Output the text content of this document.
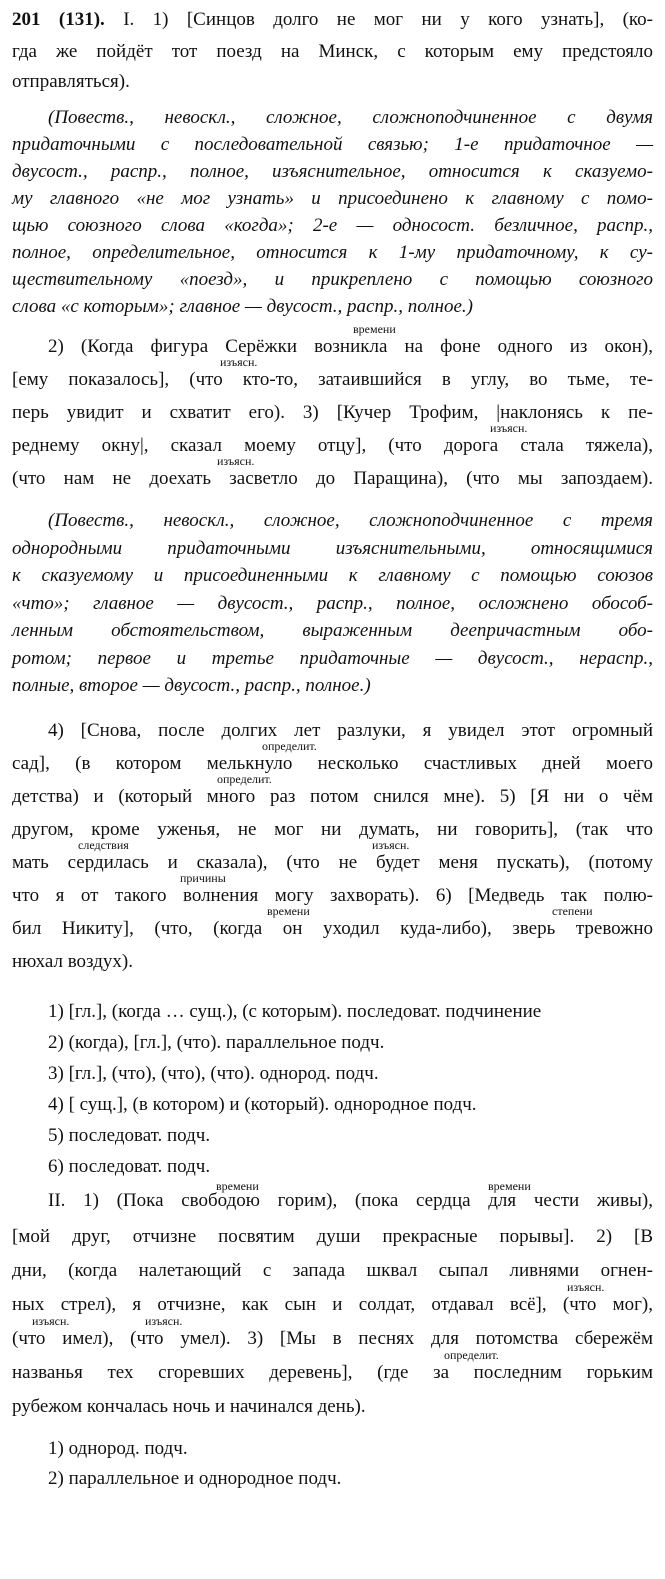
201 (131). I. 1) [Синцов долго не мог ни у кого узнать], (ко-
гда же пойдёт тот поезд на Минск, с которым ему предстояло
отправляться).
(Повеств., невоскл., сложное, сложноподчиненное с двумя
придаточными с последовательной связью; 1-е придаточное —
двусост., распр., полное, изъяснительное, относится к сказуемо-
му главного «не мог узнать» и присоединено к главному с помо-
щью союзного слова «когда»; 2-е — односост. безличное, распр.,
полное, определительное, относится к 1-му придаточному, к су-
ществительному «поезд», и прикреплено с помощью союзного
слова «с которым»; главное — двусост., распр., полное.)
времени
2) (Когда фигура Серёжки возникла на фоне одного из окон),
изъясн.
[ему показалось], (что кто-то, затаившийся в углу, во тьме, те-
перь увидит и схватит его). 3) [Кучер Трофим, |наклонясь к пе-
изъясн.
реднему окну|, сказал моему отцу], (что дорога стала тяжела),
изъясн.
(что нам не доехать засветло до Паращина), (что мы запоздаем).
(Повеств., невоскл., сложное, сложноподчиненное с тремя
однородными придаточными изъяснительными, относящимися
к сказуемому и присоединенными к главному с помощью союзов
«что»; главное — двусост., распр., полное, осложнено обособ-
ленным обстоятельством, выраженным деепричастным обо-
ротом; первое и третье придаточные — двусост., нераспр.,
полные, второе — двусост., распр., полное.)
4) [Снова, после долгих лет разлуки, я увидел этот огромный
определит.
сад], (в котором мелькнуло несколько счастливых дней моего
определит.
детства) и (который много раз потом снился мне). 5) [Я ни о чём
другом, кроме уженья, не мог ни думать, ни говорить], (так что
следствия	изъясн.
мать сердилась и сказала), (что не будет меня пускать), (потому
причины
что я от такого волнения могу захворать). 6) [Медведь так полю-
времени	степени
бил Никиту], (что, (когда он уходил куда-либо), зверь тревожно
нюхал воздух).
1) [гл.], (когда … сущ.), (с которым). последоват. подчинение
2) (когда), [гл.], (что). параллельное подч.
3) [гл.], (что), (что), (что). однород. подч.
4) [ сущ.], (в котором) и (который). однородное подч.
5) последоват. подч.
6) последоват. подч.
времени	времени
II. 1) (Пока свободою горим), (пока сердца для чести живы),
[мой друг, отчизне посвятим души прекрасные порывы]. 2) [В
дни, (когда налетающий с запада шквал сыпал ливнями огнен-
изъясн.
ных стрел), я отчизне, как сын и солдат, отдавал всё], (что мог),
изъясн.	изъясн.
(что имел), (что умел). 3) [Мы в песнях для потомства сбережём
определит.
названья тех сгоревших деревень], (где за последним горьким
рубежом кончалась ночь и начинался день).
1) однород. подч.
2) параллельное и однородное подч.
